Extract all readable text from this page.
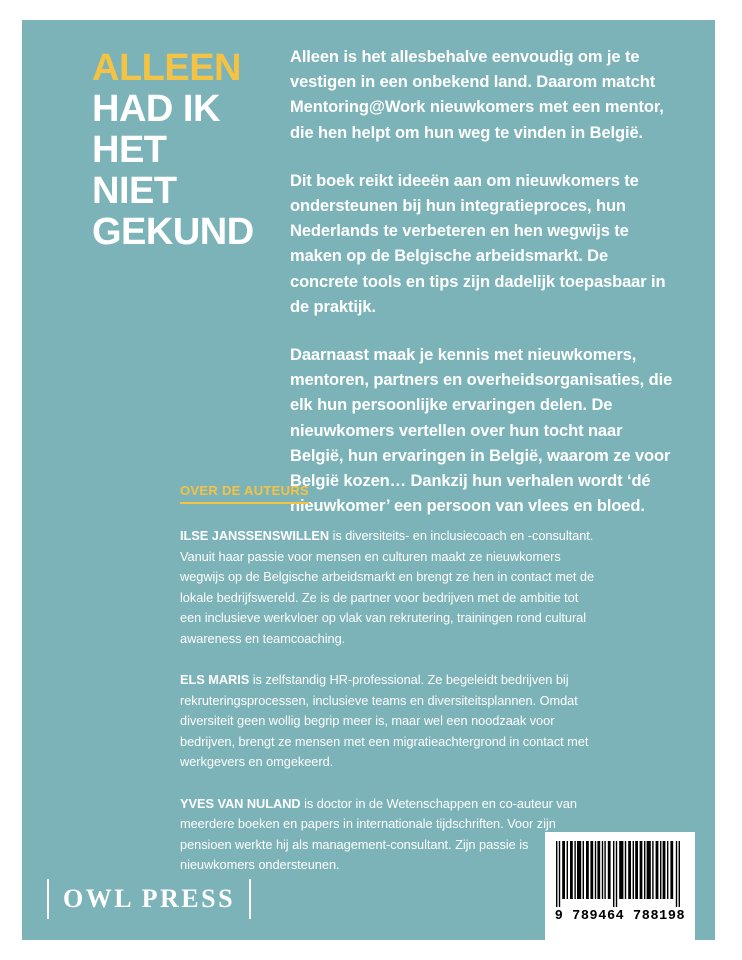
ALLEEN
HAD IK
HET
NIET
GEKUND

Alleen is het allesbehalve eenvoudig om je te vestigen in een onbekend land. Daarom matcht Mentoring@Work nieuwkomers met een mentor, die hen helpt om hun weg te vinden in België.

Dit boek reikt ideeën aan om nieuwkomers te ondersteunen bij hun integratieproces, hun Nederlands te verbeteren en hen wegwijs te maken op de Belgische arbeidsmarkt. De concrete tools en tips zijn dadelijk toepasbaar in de praktijk.

Daarnaast maak je kennis met nieuwkomers, mentoren, partners en overheidsorganisaties, die elk hun persoonlijke ervaringen delen. De nieuwkomers vertellen over hun tocht naar België, hun ervaringen in België, waarom ze voor België kozen… Dankzij hun verhalen wordt ‘dé nieuwkomer’ een persoon van vlees en bloed.

OVER DE AUTEURS

ILSE JANSSENSWILLEN is diversiteits- en inclusiecoach en -consultant. Vanuit haar passie voor mensen en culturen maakt ze nieuwkomers wegwijs op de Belgische arbeidsmarkt en brengt ze hen in contact met de lokale bedrijfswereld. Ze is de partner voor bedrijven met de ambitie tot een inclusieve werkvloer op vlak van rekrutering, trainingen rond cultural awareness en teamcoaching.

ELS MARIS is zelfstandig HR-professional. Ze begeleidt bedrijven bij rekruteringsprocessen, inclusieve teams en diversiteitsplannen. Omdat diversiteit geen wollig begrip meer is, maar wel een noodzaak voor bedrijven, brengt ze mensen met een migratieachtergrond in contact met werkgevers en omgekeerd.

YVES VAN NULAND is doctor in de Wetenschappen en co-auteur van meerdere boeken en papers in internationale tijdschriften. Voor zijn pensioen werkte hij als management-consultant. Zijn passie is nieuwkomers ondersteunen.

OWL PRESS
9 789464 788198
